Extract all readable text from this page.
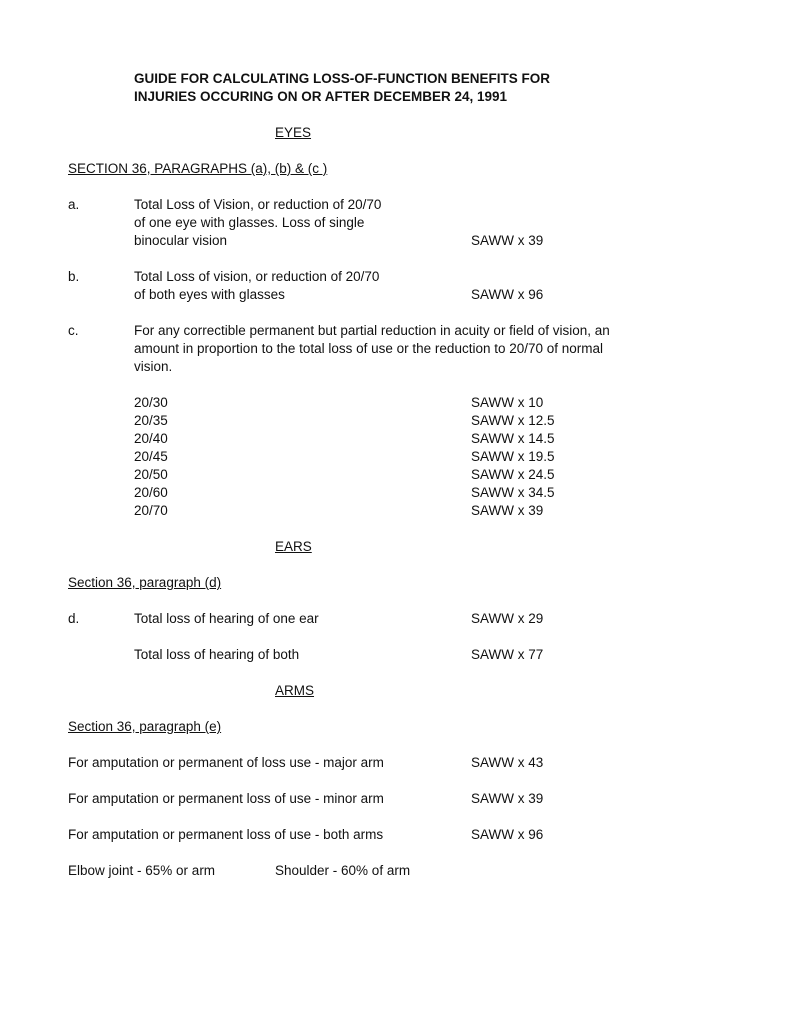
GUIDE FOR CALCULATING LOSS-OF-FUNCTION BENEFITS FOR
INJURIES OCCURING ON OR AFTER DECEMBER 24, 1991
EYES
SECTION 36, PARAGRAPHS (a), (b) & (c )
a.	Total Loss of Vision, or reduction of 20/70
of one eye with glasses. Loss of single
binocular vision	SAWW x 39
b.	Total Loss of vision, or reduction of 20/70
of both eyes with glasses	SAWW x 96
c.	For any correctible permanent but partial reduction in acuity or field of vision, an
amount in proportion to the total loss of use or the reduction to 20/70 of normal
vision.
20/30	SAWW x 10
20/35	SAWW x 12.5
20/40	SAWW x 14.5
20/45	SAWW x 19.5
20/50	SAWW x 24.5
20/60	SAWW x 34.5
20/70	SAWW x 39
EARS
Section 36, paragraph (d)
d.	Total loss of hearing of one ear	SAWW x 29
Total loss of hearing of both	SAWW x 77
ARMS
Section 36, paragraph (e)
For amputation or permanent of loss use - major arm	SAWW x 43
For amputation or permanent loss of use - minor arm	SAWW x 39
For amputation or permanent loss of use - both arms	SAWW x 96
Elbow joint - 65% or arm	Shoulder - 60% of arm
